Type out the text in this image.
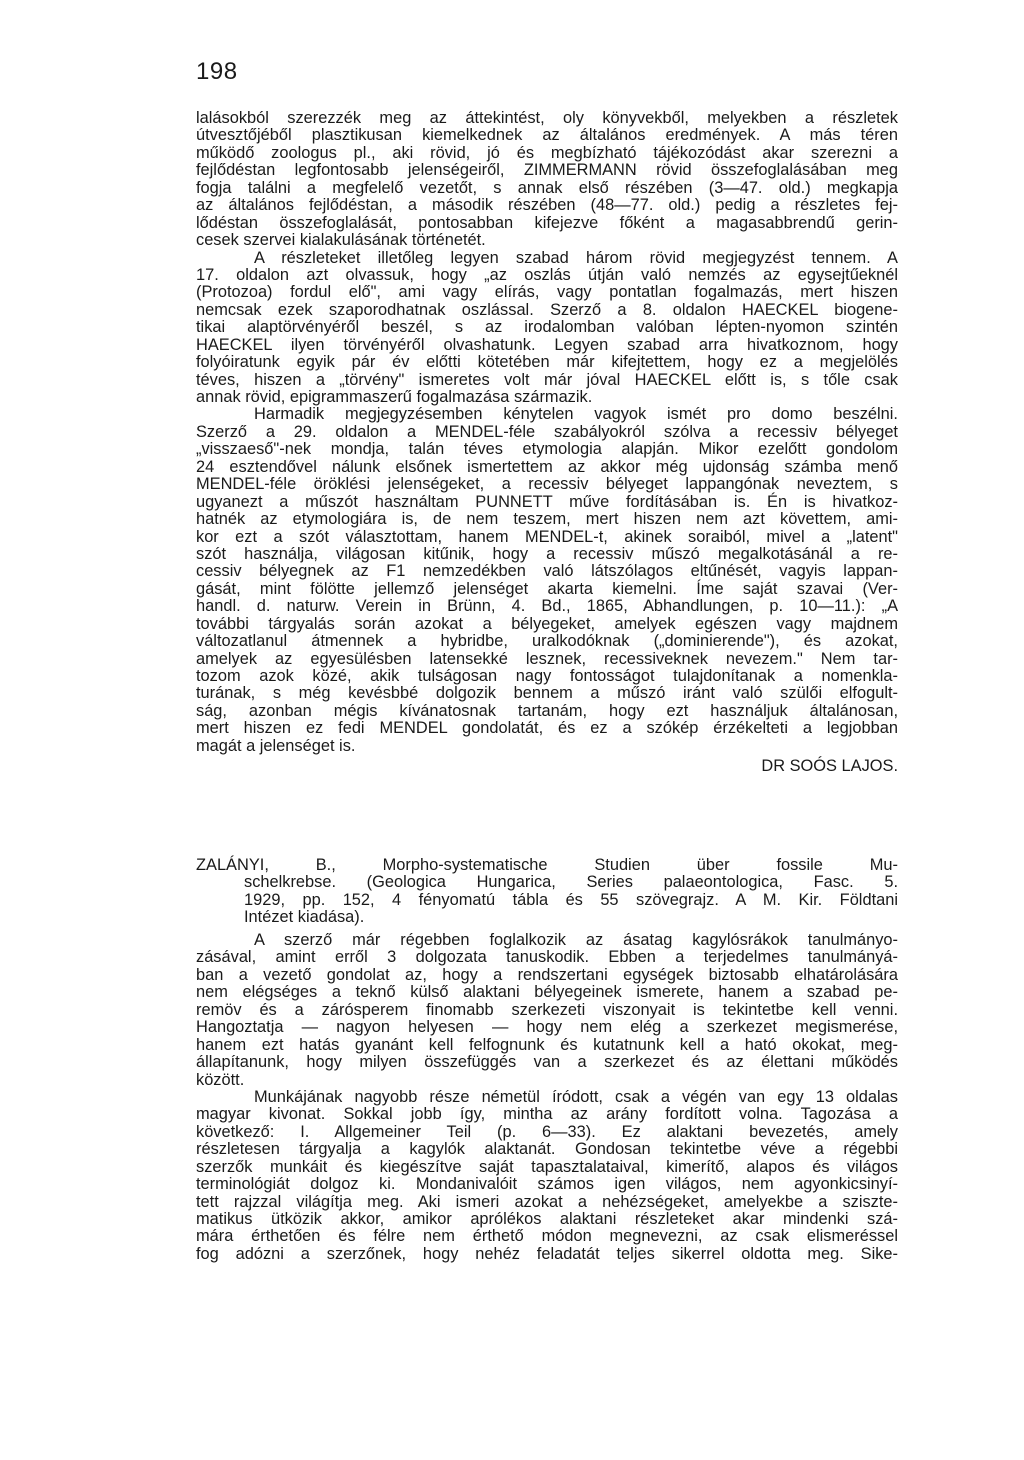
198
lalásokból szerezzék meg az áttekintést, oly könyvekből, melyekben a részletek
útvesztőjéből plasztikusan kiemelkednek az általános eredmények. A más téren
működő zoologus pl., aki rövid, jó és megbízható tájékozódást akar szerezni a
fejlődéstan legfontosabb jelenségeiről, ZIMMERMANN rövid összefoglalásában meg
fogja találni a megfelelő vezetőt, s annak első részében (3—47. old.) megkapja
az általános fejlődéstan, a második részében (48—77. old.) pedig a részletes fej-
lődéstan összefoglalását, pontosabban kifejezve főként a magasabbrendű gerin-
cesek szervei kialakulásának történetét.
A részleteket illetőleg legyen szabad három rövid megjegyzést tennem. A
17. oldalon azt olvassuk, hogy „az oszlás útján való nemzés az egysejtűeknél
(Protozoa) fordul elő", ami vagy elírás, vagy pontatlan fogalmazás, mert hiszen
nemcsak ezek szaporodhatnak oszlással. Szerző a 8. oldalon HAECKEL biogene-
tikai alaptörvényéről beszél, s az irodalomban valóban lépten-nyomon szintén
HAECKEL ilyen törvényéről olvashatunk. Legyen szabad arra hivatkoznom, hogy
folyóiratunk egyik pár év előtti kötetében már kifejtettem, hogy ez a megjelölés
téves, hiszen a „törvény" ismeretes volt már jóval HAECKEL előtt is, s tőle csak
annak rövid, epigrammaszerű fogalmazása származik.
Harmadik megjegyzésemben kénytelen vagyok ismét pro domo beszélni.
Szerző a 29. oldalon a MENDEL-féle szabályokról szólva a recessiv bélyeget
„visszaeső"-nek mondja, talán téves etymologia alapján. Mikor ezelőtt gondolom
24 esztendővel nálunk elsőnek ismertettem az akkor még ujdonság számba menő
MENDEL-féle öröklési jelenségeket, a recessiv bélyeget lappangónak neveztem, s
ugyanezt a műszót használtam PUNNETT műve fordításában is. Én is hivatkoz-
hatnék az etymologiára is, de nem teszem, mert hiszen nem azt követtem, ami-
kor ezt a szót választottam, hanem MENDEL-t, akinek soraiból, mivel a „latent"
szót használja, világosan kitűnik, hogy a recessiv műszó megalkotásánál a re-
cessiv bélyegnek az F1 nemzedékben való látszólagos eltűnését, vagyis lappan-
gását, mint fölötte jellemző jelenséget akarta kiemelni. Íme saját szavai (Ver-
handl. d. naturw. Verein in Brünn, 4. Bd., 1865, Abhandlungen, p. 10—11.): „A
további tárgyalás során azokat a bélyegeket, amelyek egészen vagy majdnem
változatlanul átmennek a hybridbe, uralkodóknak („dominierende"), és azokat,
amelyek az egyesülésben latensekké lesznek, recessiveknek nevezem." Nem tar-
tozom azok közé, akik tulságosan nagy fontosságot tulajdonítanak a nomenkla-
turának, s még kevésbbé dolgozik bennem a műszó iránt való szülői elfogult-
ság, azonban mégis kívánatosnak tartanám, hogy ezt használjuk általánosan,
mert hiszen ez fedi MENDEL gondolatát, és ez a szókép érzékelteti a legjobban
magát a jelenséget is.
DR SOÓS LAJOS.
ZALÁNYI, B., Morpho-systematische Studien über fossile Mu-
schelkrebse. (Geologica Hungarica, Series palaeontologica, Fasc. 5.
1929, pp. 152, 4 fényomatú tábla és 55 szövegrajz. A M. Kir. Földtani
Intézet kiadása).
A szerző már régebben foglalkozik az ásatag kagylósrákok tanulmányo-
zásával, amint erről 3 dolgozata tanuskodik. Ebben a terjedelmes tanulmányá-
ban a vezető gondolat az, hogy a rendszertani egységek biztosabb elhatárolására
nem elégséges a teknő külső alaktani bélyegeinek ismerete, hanem a szabad pe-
remöv és a zárósperem finomabb szerkezeti viszonyait is tekintetbe kell venni.
Hangoztatja — nagyon helyesen — hogy nem elég a szerkezet megismerése,
hanem ezt hatás gyanánt kell felfognunk és kutatnunk kell a ható okokat, meg-
állapítanunk, hogy milyen összefüggés van a szerkezet és az élettani működés
között.
Munkájának nagyobb része németül íródott, csak a végén van egy 13 oldalas
magyar kivonat. Sokkal jobb így, mintha az arány fordított volna. Tagozása a
következő: I. Allgemeiner Teil (p. 6—33). Ez alaktani bevezetés, amely
részletesen tárgyalja a kagylók alaktanát. Gondosan tekintetbe véve a régebbi
szerzők munkáit és kiegészítve saját tapasztalataival, kimerítő, alapos és világos
terminológiát dolgoz ki. Mondanivalóit számos igen világos, nem agyonkicsinyí-
tett rajzzal világítja meg. Aki ismeri azokat a nehézségeket, amelyekbe a sziszte-
matikus ütközik akkor, amikor aprólékos alaktani részleteket akar mindenki szá-
mára érthetően és félre nem érthető módon megnevezni, az csak elismeréssel
fog adózni a szerzőnek, hogy nehéz feladatát teljes sikerrel oldotta meg. Sike-
